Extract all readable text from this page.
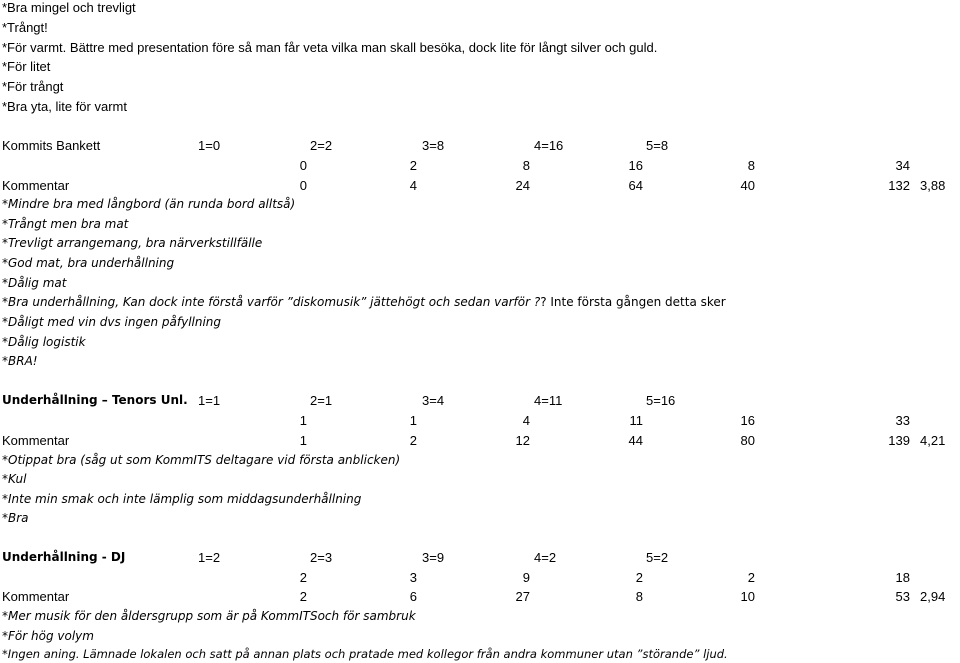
*Bra mingel och trevligt
*Trångt!
*För varmt. Bättre med presentation före så man får veta vilka man skall besöka, dock lite för långt silver och guld.
*För litet
*För trångt
*Bra yta, lite för varmt
Kommits Bankett	1=0	2=2	3=8	4=16	5=8
0	2	8	16	8	34
Kommentar	0	4	24	64	40	132 3,88
*Mindre bra med långbord (än runda bord alltså)
*Trångt men bra mat
*Trevligt arrangemang, bra närverkstillfälle
*God mat, bra underhållning
*Dålig mat
*Bra underhållning, Kan dock inte förstå varför ”diskomusik” jättehögt och sedan varför ?? Inte första gången detta sker
*Dåligt med vin dvs ingen påfyllning
*Dålig logistik
*BRA!
Underhållning – Tenors Unl. 1=1	2=1	3=4	4=11	5=16
1	1	4	11	16	33
Kommentar	1	2	12	44	80	139 4,21
*Otippat bra (såg ut som KommITS deltagare vid första anblicken)
*Kul
*Inte min smak och inte lämplig som middagsunderhållning
*Bra
Underhållning - DJ	1=2	2=3	3=9	4=2	5=2
2	3	9	2	2	18
Kommentar	2	6	27	8	10	53 2,94
*Mer musik för den åldersgrupp som är på KommITSoch för sambruk
*För hög volym
*Ingen aning. Lämnade lokalen och satt på annan plats och pratade med kollegor från andra kommuner utan ”störande” ljud.
